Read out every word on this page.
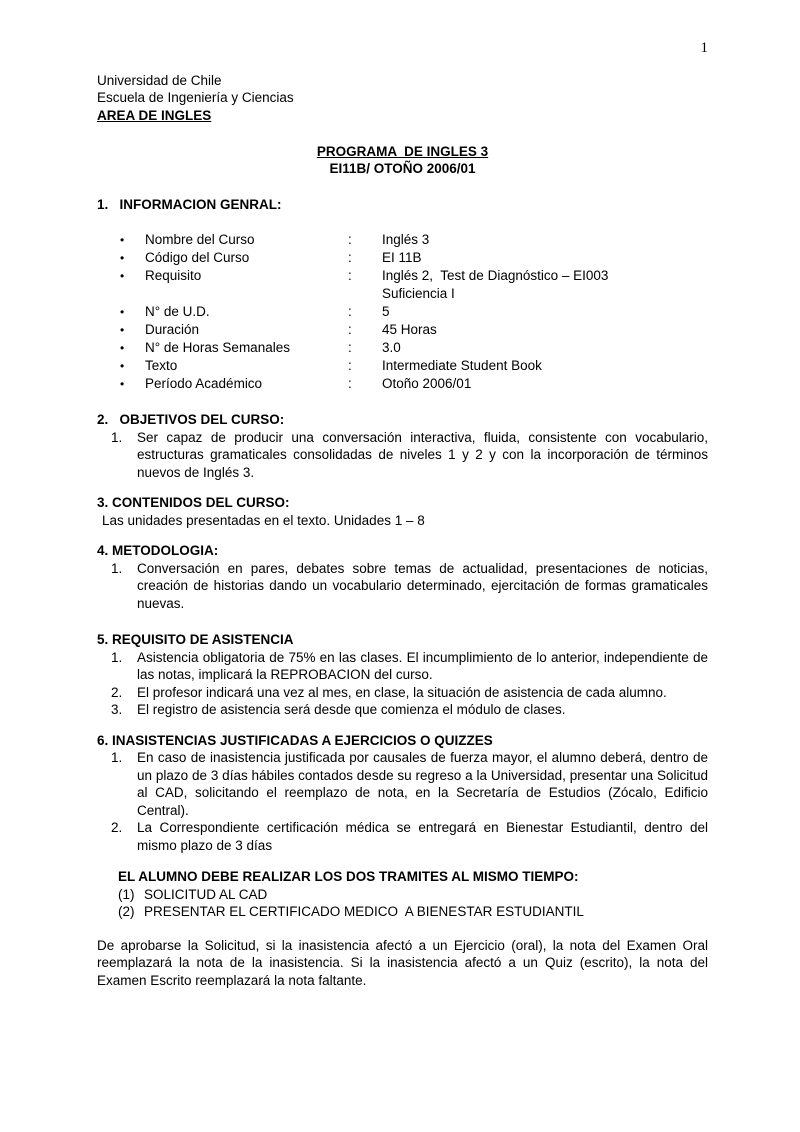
1
Universidad de Chile
Escuela de Ingeniería y Ciencias
AREA DE INGLES
PROGRAMA  DE INGLES 3
EI11B/ OTOÑO 2006/01
1.   INFORMACION GENRAL:
•	Nombre del Curso	:	Inglés 3
•	Código del Curso	:	EI 11B
•	Requisito	:	Inglés 2,  Test de Diagnóstico – EI003
Suficiencia I
•	N° de U.D.	:	5
•	Duración	:	45 Horas
•	N° de Horas Semanales	:	3.0
•	Texto	:	Intermediate Student Book
•	Período Académico	:	Otoño 2006/01
2.   OBJETIVOS DEL CURSO:
1.	Ser capaz de producir una conversación interactiva, fluida, consistente con vocabulario, estructuras gramaticales consolidadas de niveles 1 y 2 y con la incorporación de términos nuevos de Inglés 3.
3. CONTENIDOS DEL CURSO:
Las unidades presentadas en el texto. Unidades 1 – 8
4. METODOLOGIA:
1.	Conversación en pares, debates sobre temas de actualidad, presentaciones de noticias, creación de historias dando un vocabulario determinado, ejercitación de formas gramaticales nuevas.
5. REQUISITO DE ASISTENCIA
1.	Asistencia obligatoria de 75% en las clases. El incumplimiento de lo anterior, independiente de las notas, implicará la REPROBACION del curso.
2.	El profesor indicará una vez al mes, en clase, la situación de asistencia de cada alumno.
3.	El registro de asistencia será desde que comienza el módulo de clases.
6. INASISTENCIAS JUSTIFICADAS A EJERCICIOS O QUIZZES
1.	En caso de inasistencia justificada por causales de fuerza mayor, el alumno deberá, dentro de un plazo de 3 días hábiles contados desde su regreso a la Universidad, presentar una Solicitud al CAD, solicitando el reemplazo de nota, en la Secretaría de Estudios (Zócalo, Edificio Central).
2.	La Correspondiente certificación médica se entregará en Bienestar Estudiantil, dentro del mismo plazo de 3 días
EL ALUMNO DEBE REALIZAR LOS DOS TRAMITES AL MISMO TIEMPO:
(1) SOLICITUD AL CAD
(2) PRESENTAR EL CERTIFICADO MEDICO  A BIENESTAR ESTUDIANTIL
De aprobarse la Solicitud, si la inasistencia afectó a un Ejercicio (oral), la nota del Examen Oral reemplazará la nota de la inasistencia. Si la inasistencia afectó a un Quiz (escrito), la nota del Examen Escrito reemplazará la nota faltante.
